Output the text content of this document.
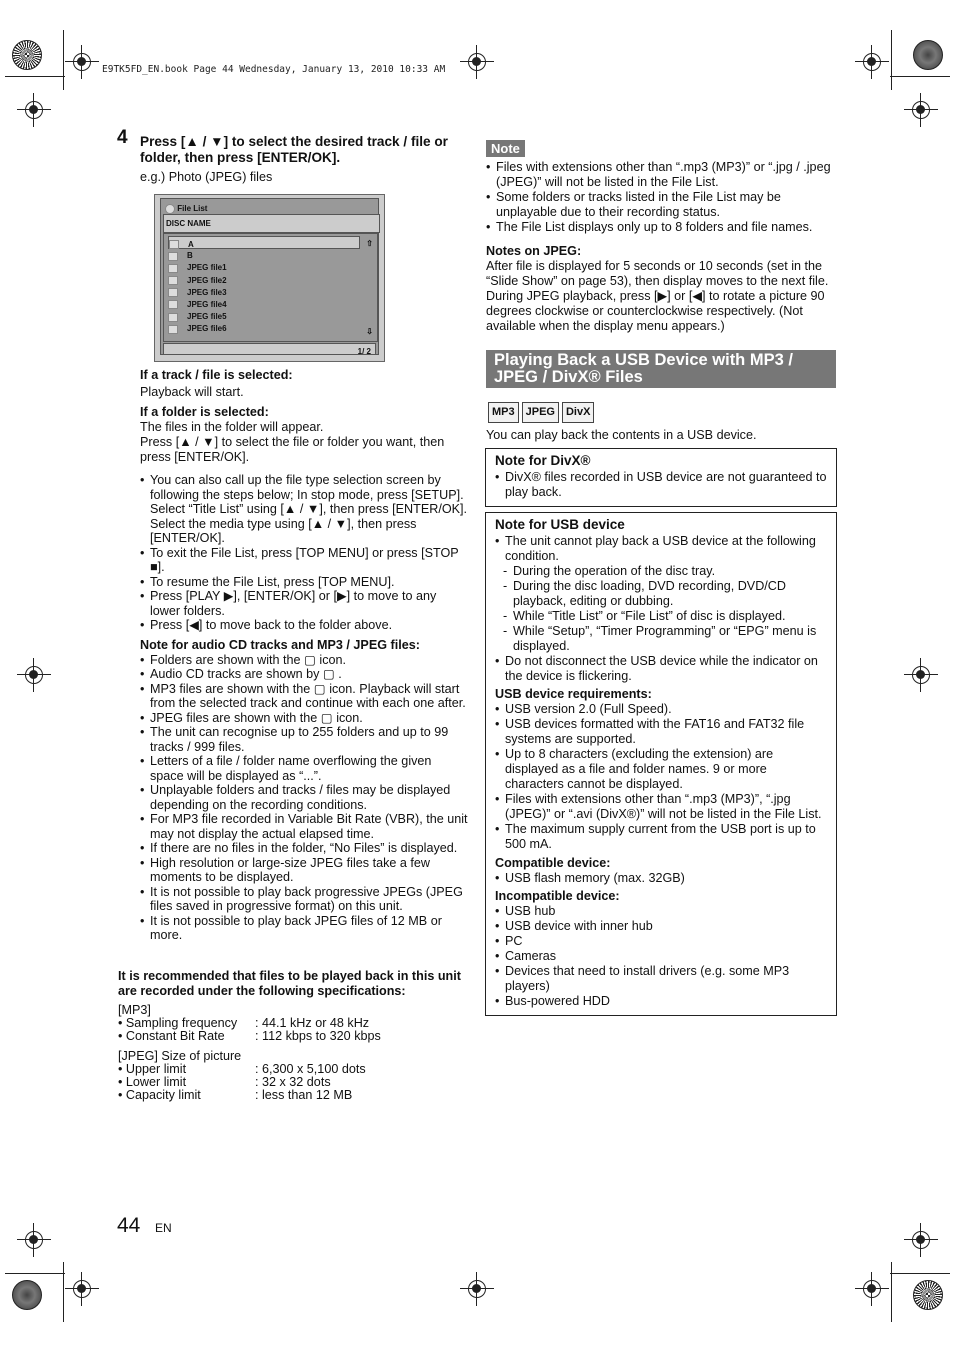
E9TK5FD_EN.book Page 44 Wednesday, January 13, 2010 10:33 AM
4 Press [▲ / ▼] to select the desired track / file or folder, then press [ENTER/OK].
e.g.) Photo (JPEG) files
File List
DISC NAME
A
B
JPEG file1
JPEG file2
JPEG file3
JPEG file4
JPEG file5
JPEG file6
⇧
⇩
1/ 2
If a track / file is selected:
Playback will start.
If a folder is selected:
The files in the folder will appear.
Press [▲ / ▼] to select the file or folder you want, then press [ENTER/OK].
• You can also call up the file type selection screen by following the steps below; In stop mode, press [SETUP]. Select “Title List” using [▲ / ▼], then press [ENTER/OK]. Select the media type using [▲ / ▼], then press [ENTER/OK].
• To exit the File List, press [TOP MENU] or press [STOP ■].
• To resume the File List, press [TOP MENU].
• Press [PLAY ▶], [ENTER/OK] or [▶] to move to any lower folders.
• Press [◀] to move back to the folder above.
Note for audio CD tracks and MP3 / JPEG files:
• Folders are shown with the ▢ icon.
• Audio CD tracks are shown by ▢ .
• MP3 files are shown with the ▢ icon. Playback will start from the selected track and continue with each one after.
• JPEG files are shown with the ▢ icon.
• The unit can recognise up to 255 folders and up to 99 tracks / 999 files.
• Letters of a file / folder name overflowing the given space will be displayed as “...”.
• Unplayable folders and tracks / files may be displayed depending on the recording conditions.
• For MP3 file recorded in Variable Bit Rate (VBR), the unit may not display the actual elapsed time.
• If there are no files in the folder, “No Files” is displayed.
• High resolution or large-size JPEG files take a few moments to be displayed.
• It is not possible to play back progressive JPEGs (JPEG files saved in progressive format) on this unit.
• It is not possible to play back JPEG files of 12 MB or more.
It is recommended that files to be played back in this unit are recorded under the following specifications:
[MP3]
• Sampling frequency	: 44.1 kHz or 48 kHz
• Constant Bit Rate	: 112 kbps to 320 kbps
[JPEG] Size of picture
• Upper limit	: 6,300 x 5,100 dots
• Lower limit	: 32 x 32 dots
• Capacity limit	: less than 12 MB
Note
• Files with extensions other than “.mp3 (MP3)” or “.jpg / .jpeg (JPEG)” will not be listed in the File List.
• Some folders or tracks listed in the File List may be unplayable due to their recording status.
• The File List displays only up to 8 folders and file names.
Notes on JPEG:
After file is displayed for 5 seconds or 10 seconds (set in the “Slide Show” on page 53), then display moves to the next file. During JPEG playback, press [▶] or [◀] to rotate a picture 90 degrees clockwise or counterclockwise respectively. (Not available when the display menu appears.)
Playing Back a USB Device with MP3 / JPEG / DivX® Files
MP3 JPEG DivX
You can play back the contents in a USB device.
Note for DivX®
• DivX® files recorded in USB device are not guaranteed to play back.
Note for USB device
• The unit cannot play back a USB device at the following condition.
- During the operation of the disc tray.
- During the disc loading, DVD recording, DVD/CD playback, editing or dubbing.
- While “Title List” or “File List” of disc is displayed.
- While “Setup”, “Timer Programming” or “EPG” menu is displayed.
• Do not disconnect the USB device while the indicator on the device is flickering.
USB device requirements:
• USB version 2.0 (Full Speed).
• USB devices formatted with the FAT16 and FAT32 file systems are supported.
• Up to 8 characters (excluding the extension) are displayed as a file and folder names. 9 or more characters cannot be displayed.
• Files with extensions other than “.mp3 (MP3)”, “.jpg (JPEG)” or “.avi (DivX®)” will not be listed in the File List.
• The maximum supply current from the USB port is up to 500 mA.
Compatible device:
• USB flash memory (max. 32GB)
Incompatible device:
• USB hub
• USB device with inner hub
• PC
• Cameras
• Devices that need to install drivers (e.g. some MP3 players)
• Bus-powered HDD
44 EN
